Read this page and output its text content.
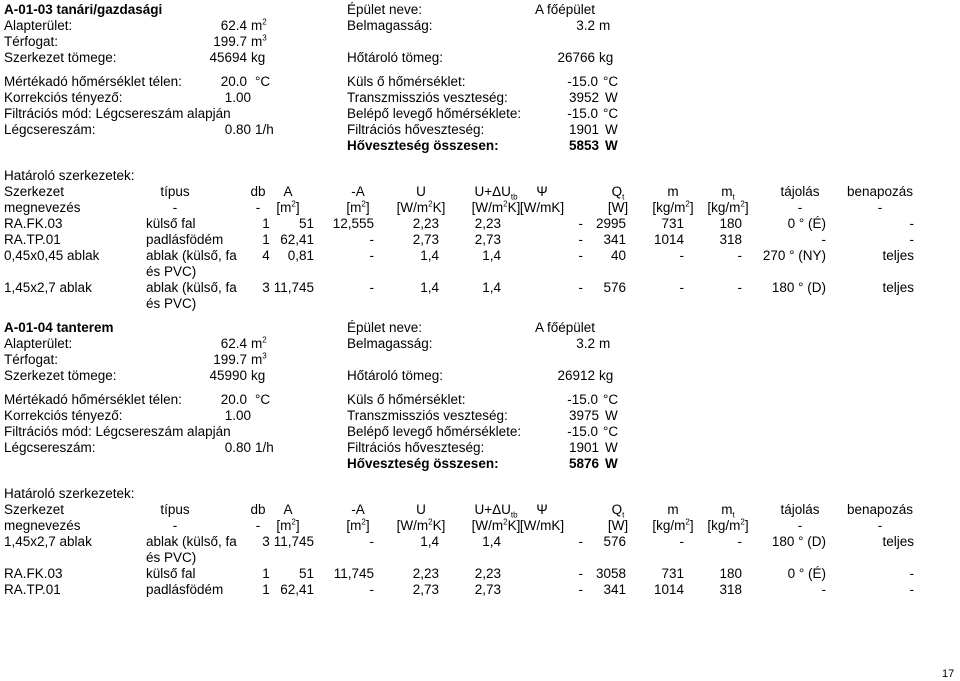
A-01-03 tanári/gazdasági	Épület neve:	A főépület
Alapterület:	62.4 $m^2$	Belmagasság:	3.2 m
Térfogat:	199.7 $m^3$
Szerkezet tömege:	45694 kg	Hőtároló tömeg:	26766 kg
Mértékadó hőmérséklet télen:	20.0 °C	Küls ő hőmérséklet:	-15.0 °C
Korrekciós tényező:	1.00	Transzmissziós veszteség:	3952 W
Filtrációs mód: Légcsereszám alapján	Belépő levegő hőmérséklete:	-15.0 °C
Légcsereszám:	0.80 1/h	Filtrációs hőveszteség:	1901 W
Hőveszteség összesen:	5853 W
Határoló szerkezetek:
Szerkezet	típus	db	A	-A	U	$U+\Delta U_{tb}$	Ψ	$Q_t$	m	$m_t$	tájolás	benapozás
megnevezés	-	-	$[m^2]$	$[m^2]$	$[W/m^2K]$	$[W/m^2K]$ [W/mK]	[W]	$[kg/m^2]$	$[kg/m^2]$	-	-
RA.FK.03	külső fal	1	51	12,555	2,23	2,23	- 2995	731	180	0 ° (É)	-
RA.TP.01	padlásfödém	1 62,41	-	2,73	2,73	-	341	1014	318	-	-
0,45x0,45 ablak	ablak (külső, fa
és PVC)
4	0,81	-	1,4	1,4	-	40	-	-	270 ° (NY)	teljes
1,45x2,7 ablak	ablak (külső, fa
és PVC)
3 11,745	-	1,4	1,4	-	576	-	-	180 ° (D)	teljes
A-01-04 tanterem	Épület neve:	A főépület
Alapterület:	62.4 $m^2$	Belmagasság:	3.2 m
Térfogat:	199.7 $m^3$
Szerkezet tömege:	45990 kg	Hőtároló tömeg:	26912 kg
Mértékadó hőmérséklet télen:	20.0 °C	Küls ő hőmérséklet:	-15.0 °C
Korrekciós tényező:	1.00	Transzmissziós veszteség:	3975 W
Filtrációs mód: Légcsereszám alapján	Belépő levegő hőmérséklete:	-15.0 °C
Légcsereszám:	0.80 1/h	Filtrációs hőveszteség:	1901 W
Hőveszteség összesen:	5876 W
Határoló szerkezetek:
Szerkezet	típus	db	A	-A	U	$U+\Delta U_{tb}$	Ψ	$Q_t$	m	$m_t$	tájolás	benapozás
megnevezés	-	-	$[m^2]$	$[m^2]$	$[W/m^2K]$	$[W/m^2K]$ [W/mK]	[W]	$[kg/m^2]$	$[kg/m^2]$	-	-
1,45x2,7 ablak	ablak (külső, fa
és PVC)
3 11,745	-	1,4	1,4	-	576	-	-	180 ° (D)	teljes
RA.FK.03	külső fal	1	51	11,745	2,23	2,23	- 3058	731	180	0 ° (É)	-
RA.TP.01	padlásfödém	1 62,41	-	2,73	2,73	-	341	1014	318	-	-
17
